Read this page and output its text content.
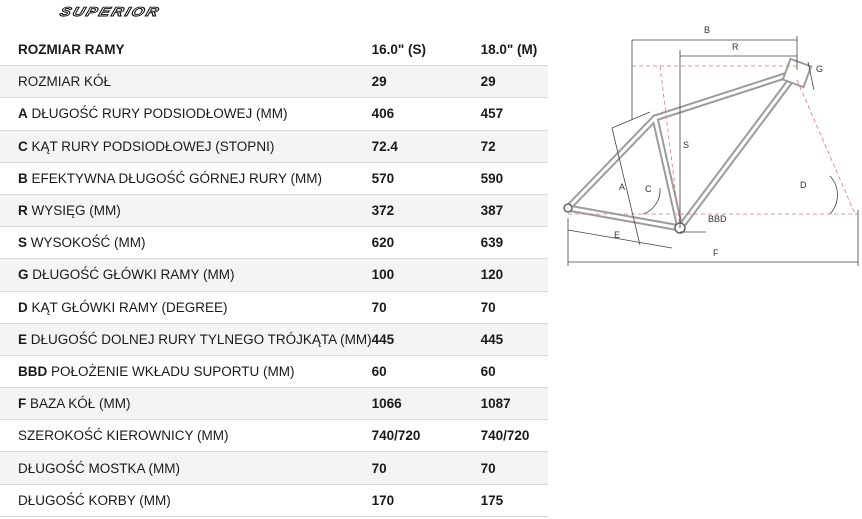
SUPERIOR
ROZMIAR RAMY	16.0" (S)	18.0" (M)
ROZMIAR KÓŁ	29	29
A DŁUGOŚĆ RURY PODSIODŁOWEJ (MM)	406	457
C KĄT RURY PODSIODŁOWEJ (STOPNI)	72.4	72
B EFEKTYWNA DŁUGOŚĆ GÓRNEJ RURY (MM)	570	590
R WYSIĘG (MM)	372	387
S WYSOKOŚĆ (MM)	620	639
G DŁUGOŚĆ GŁÓWKI RAMY (MM)	100	120
D KĄT GŁÓWKI RAMY (DEGREE)	70	70
E DŁUGOŚĆ DOLNEJ RURY TYLNEGO TRÓJKĄTA (MM)	445	445
BBD POŁOŻENIE WKŁADU SUPORTU (MM)	60	60
F BAZA KÓŁ (MM)	1066	1087
SZEROKOŚĆ KIEROWNICY (MM)	740/720	740/720
DŁUGOŚĆ MOSTKA (MM)	70	70
DŁUGOŚĆ KORBY (MM)	170	175
B
R
G
S
A C	D
E
BBD
F
